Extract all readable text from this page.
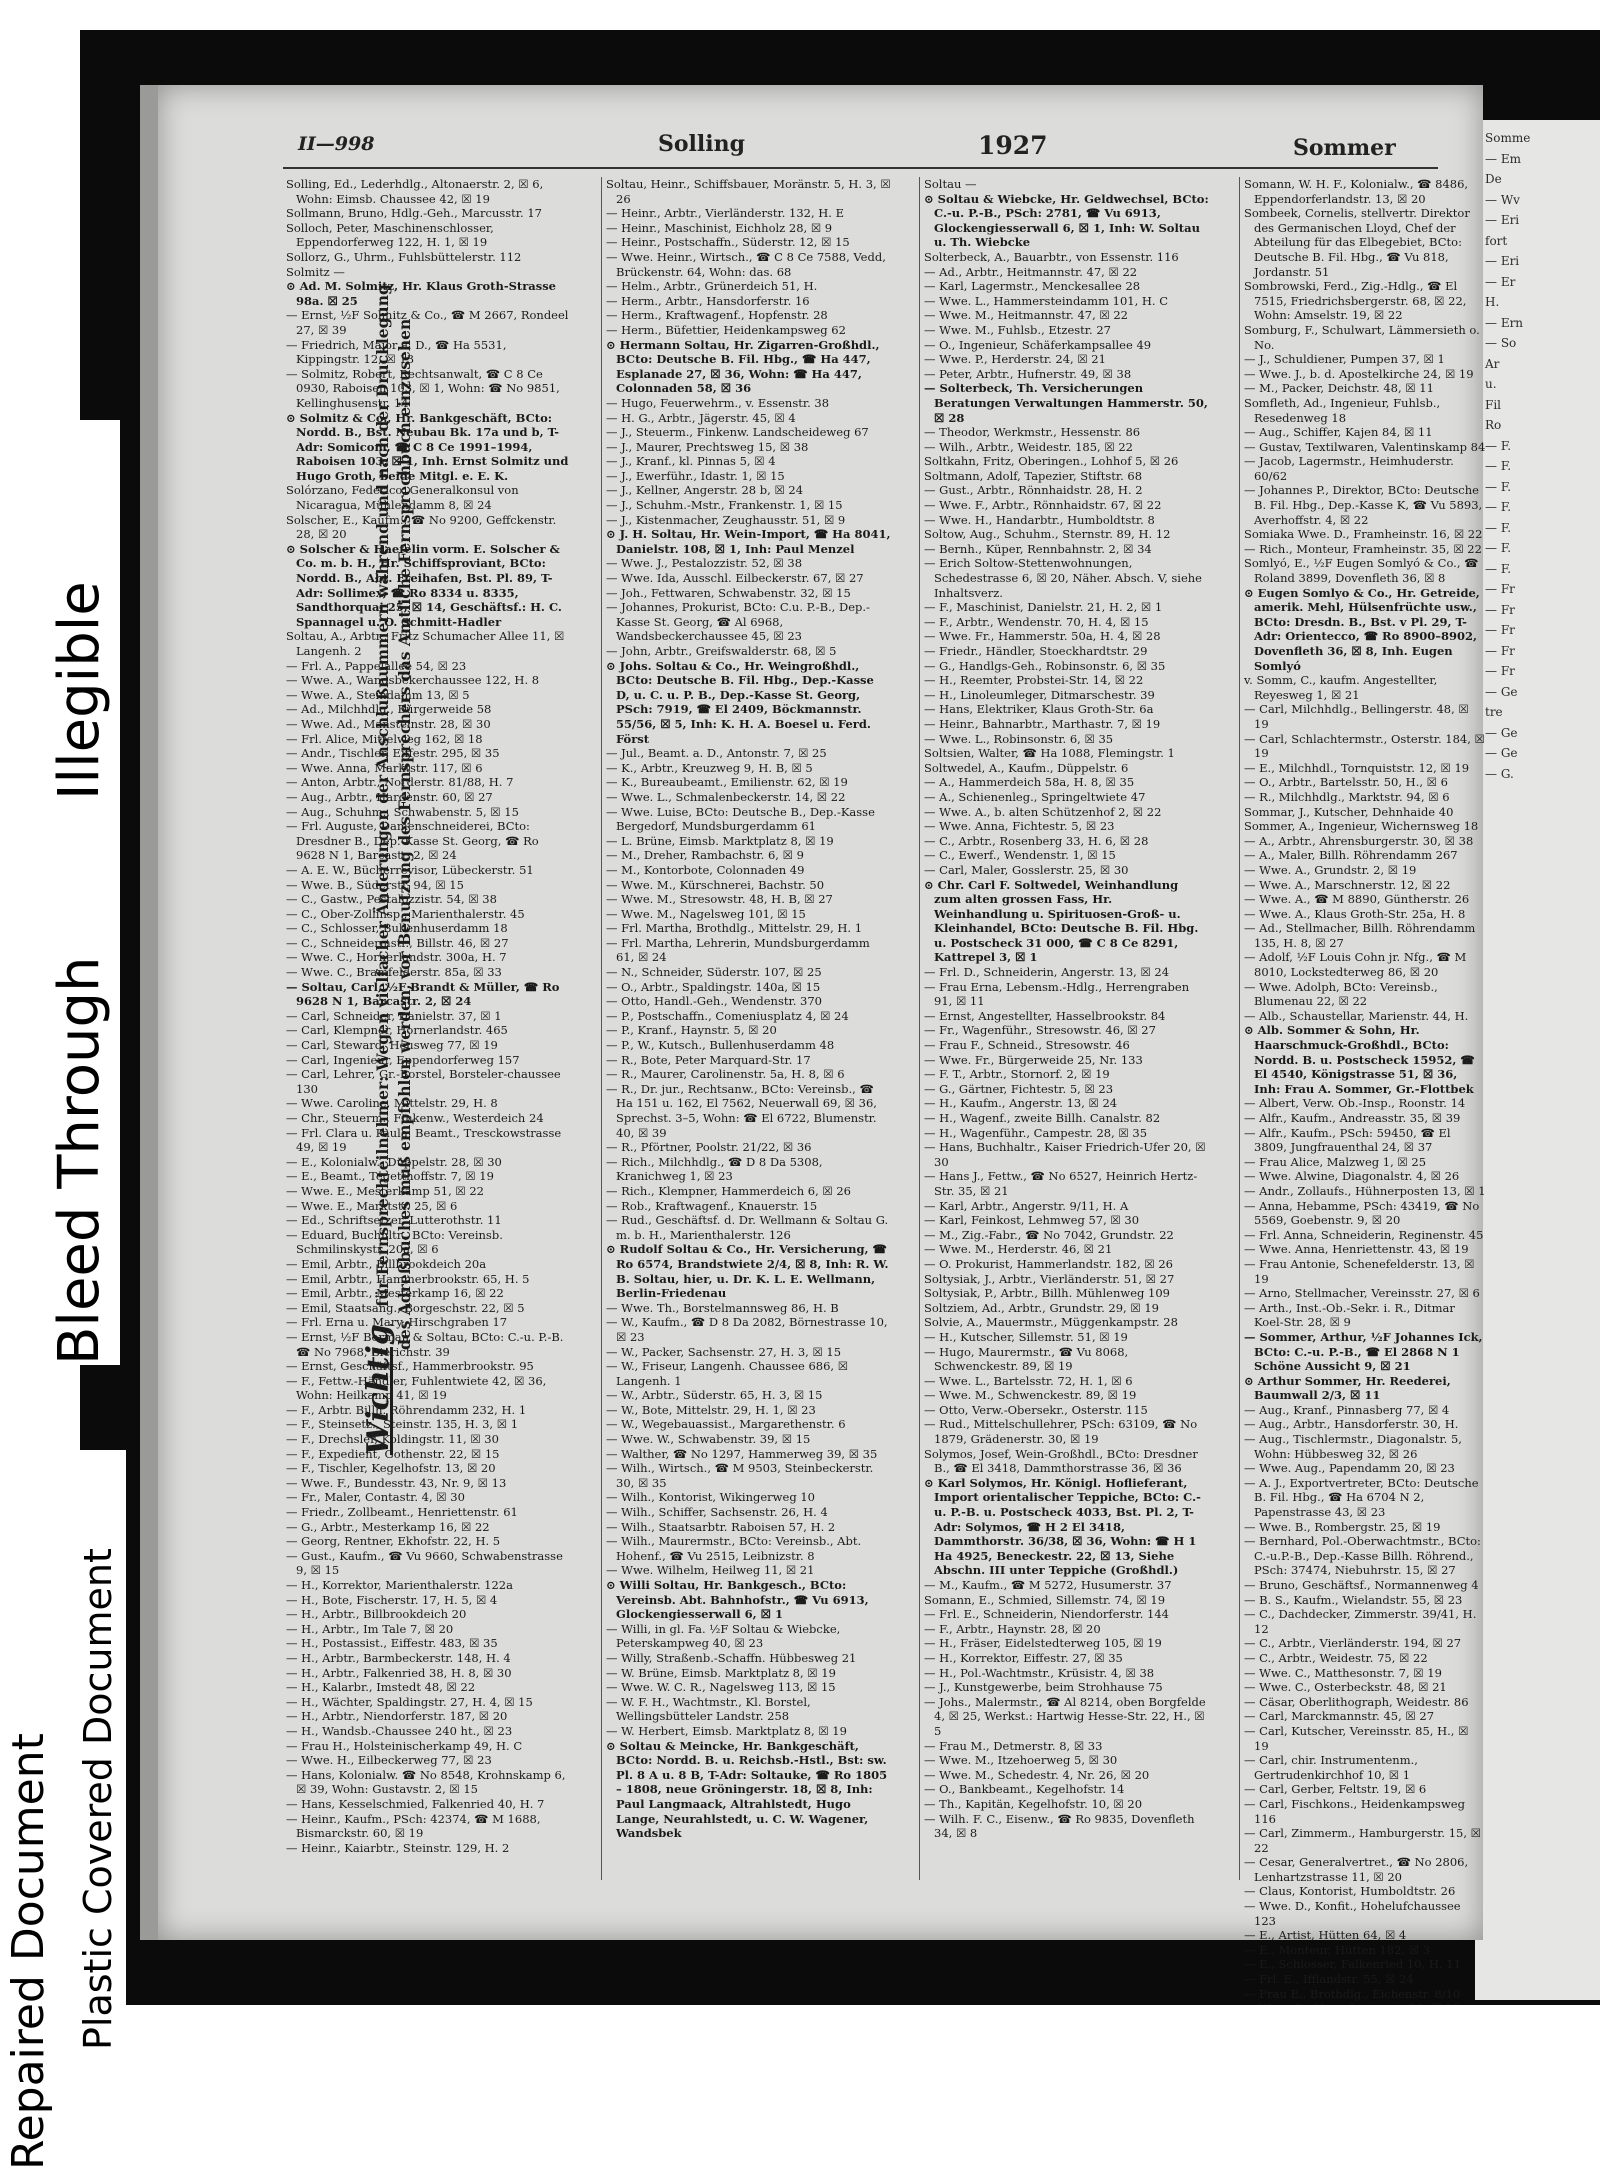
Somme
— Em
De
— Wv
— Eri
fort
— Eri
— Er
H.
— Ern
— So
Ar
u.
Fil
Ro
— F.
— F.
— F.
— F.
— F.
— F.
— F.
— Fr
— Fr
— Fr
— Fr
— Fr
— Ge
tre
— Ge
— Ge
— G.
II—998	Solling	1927	Sommer

Solling, Ed., Lederhdlg., Altonaerstr. 2, ☒ 6, Wohn: Eimsb. Chaussee 42, ☒ 19

Sollmann, Bruno, Hdlg.-Geh., Marcusstr. 17

Solloch, Peter, Maschinenschlosser, Eppendorferweg 122, H. 1, ☒ 19

Sollorz, G., Uhrm., Fuhlsbüttelerstr. 112

Solmitz —

⊙ Ad. M. Solmitz, Hr. Klaus Groth-Strasse 98a. ☒ 25

— Ernst, ½F Solmitz & Co., ☎ M 2667, Rondeel 27, ☒ 39

— Friedrich, Major a. D., ☎ Ha 5531, Kippingstr. 12, ☒ 13

— Solmitz, Robert, Rechtsanwalt, ☎ C 8 Ce 0930, Raboisen 103, ☒ 1, Wohn: ☎ No 9851, Kellinghusenstr. 14

⊙ Solmitz & Co., Hr. Bankgeschäft, BCto: Nordd. B., Bst. Neubau Bk. 17a und b, T-Adr: Somicom, ☎ C 8 Ce 1991–1994, Raboisen 103, ☒ 1, Inh. Ernst Solmitz und Hugo Groth, beide Mitgl. e. E. K.

Solórzano, Federico, Generalkonsul von Nicaragua, Mühlendamm 8, ☒ 24

Solscher, E., Kaufm., ☎ No 9200, Geffckenstr. 28, ☒ 20

⊙ Solscher & Haefelin vorm. E. Solscher & Co. m. b. H., Hr. Schiffsproviant, BCto: Nordd. B., Abt. Freihafen, Bst. Pl. 89, T-Adr: Sollimex, ☎ Ro 8334 u. 8335, Sandthorquai 25, ☒ 14, Geschäftsf.: H. C. Spannagel u. O. Schmitt-Hadler

Soltau, A., Arbtr., Fritz Schumacher Allee 11, ☒ Langenh. 2

— Frl. A., Pappelallee 54, ☒ 23

— Wwe. A., Wandsbekerchaussee 122, H. 8

— Wwe. A., Steindamm 13, ☒ 5

— Ad., Milchhdlg., Bürgerweide 58

— Wwe. Ad., Mansteinstr. 28, ☒ 30

— Frl. Alice, Mittelweg 162, ☒ 18

— Andr., Tischler, Eiffestr. 295, ☒ 35

— Wwe. Anna, Marktstr. 117, ☒ 6

— Anton, Arbtr., Norderstr. 81/88, H. 7

— Aug., Arbtr., Hardenstr. 60, ☒ 27

— Aug., Schuhm., Schwabenstr. 5, ☒ 15

— Frl. Auguste, Damenschneiderei, BCto: Dresdner B., Dep.-Kasse St. Georg, ☎ Ro 9628 N 1, Barcastr. 2, ☒ 24

— A. E. W., Bücherrevisor, Lübeckerstr. 51

— Wwe. B., Süderstr. 94, ☒ 15

— C., Gastw., Pestalozzistr. 54, ☒ 38

— C., Ober-Zollinsp., Marienthalerstr. 45

— C., Schlosser, Bullenhuserdamm 18

— C., Schneidermstr., Billstr. 46, ☒ 27

— Wwe. C., Hornerlandstr. 300a, H. 7

— Wwe. C., Bramfelderstr. 85a, ☒ 33

— Soltau, Carl, ½F Brandt & Müller, ☎ Ro 9628 N 1, Barcastr. 2, ☒ 24

— Carl, Schneider, Danielstr. 37, ☒ 1

— Carl, Klempner, Hornerlandstr. 465

— Carl, Steward, Heusweg 77, ☒ 19

— Carl, Ingenieur, Eppendorferweg 157

— Carl, Lehrer, Gr.-Borstel, Borsteler-chaussee 130

— Wwe. Caroline, Mittelstr. 29, H. 8

— Chr., Steuerm., Finkenw., Westerdeich 24

— Frl. Clara u. Paula, Beamt., Tresckowstrasse 49, ☒ 19

— E., Kolonialw., Düppelstr. 28, ☒ 30

— E., Beamt., Tegetthoffstr. 7, ☒ 19

— Wwe. E., Mesterkamp 51, ☒ 22

— Wwe. E., Marktstr. 25, ☒ 6

— Ed., Schriftsetzer, Lutterothstr. 11

— Eduard, Buchhltr., BCto: Vereinsb. Schmilinskystr. 20a, ☒ 6

— Emil, Arbtr., Billbrookdeich 20a

— Emil, Arbtr., Hammerbrookstr. 65, H. 5

— Emil, Arbtr., Mesterkamp 16, ☒ 22

— Emil, Staatsang., Borgeschstr. 22, ☒ 5

— Frl. Erna u. Mary, Hirschgraben 17

— Ernst, ½F Berman & Soltau, BCto: C.-u. P.-B. ☎ No 7968, Bierichstr. 39

— Ernst, Geschäftsf., Hammerbrookstr. 95

— F., Fettw.-Händler, Fuhlentwiete 42, ☒ 36, Wohn: Heilkamp 41, ☒ 19

— F., Arbtr. Billh. Röhrendamm 232, H. 1

— F., Steinsetz., Steinstr. 135, H. 3, ☒ 1

— F., Drechsler, Koldingstr. 11, ☒ 30

— F., Expedient, Gothenstr. 22, ☒ 15

— F., Tischler, Kegelhofstr. 13, ☒ 20

— Wwe. F., Bundesstr. 43, Nr. 9, ☒ 13

— Fr., Maler, Contastr. 4, ☒ 30

— Friedr., Zollbeamt., Henriettenstr. 61

— G., Arbtr., Mesterkamp 16, ☒ 22

— Georg, Rentner, Ekhofstr. 22, H. 5

— Gust., Kaufm., ☎ Vu 9660, Schwabenstrasse 9, ☒ 15

— H., Korrektor, Marienthalerstr. 122a

— H., Bote, Fischerstr. 17, H. 5, ☒ 4

— H., Arbtr., Billbrookdeich 20

— H., Arbtr., Im Tale 7, ☒ 20

— H., Postassist., Eiffestr. 483, ☒ 35

— H., Arbtr., Barmbeckerstr. 148, H. 4

— H., Arbtr., Falkenried 38, H. 8, ☒ 30

— H., Kalarbr., Imstedt 48, ☒ 22

— H., Wächter, Spaldingstr. 27, H. 4, ☒ 15

— H., Arbtr., Niendorferstr. 187, ☒ 20

— H., Wandsb.-Chaussee 240 ht., ☒ 23

— Frau H., Holsteinischerkamp 49, H. C

— Wwe. H., Eilbeckerweg 77, ☒ 23

— Hans, Kolonialw. ☎ No 8548, Krohnskamp 6, ☒ 39, Wohn: Gustavstr. 2, ☒ 15

— Hans, Kesselschmied, Falkenried 40, H. 7

— Heinr., Kaufm., PSch: 42374, ☎ M 1688, Bismarckstr. 60, ☒ 19

— Heinr., Kaiarbtr., Steinstr. 129, H. 2

Soltau, Heinr., Schiffsbauer, Moränstr. 5, H. 3, ☒ 26

— Heinr., Arbtr., Vierländerstr. 132, H. E

— Heinr., Maschinist, Eichholz 28, ☒ 9

— Heinr., Postschaffn., Süderstr. 12, ☒ 15

— Wwe. Heinr., Wirtsch., ☎ C 8 Ce 7588, Vedd, Brückenstr. 64, Wohn: das. 68

— Helm., Arbtr., Grünerdeich 51, H.

— Herm., Arbtr., Hansdorferstr. 16

— Herm., Kraftwagenf., Hopfenstr. 28

— Herm., Büfettier, Heidenkampsweg 62

⊙ Hermann Soltau, Hr. Zigarren-Großhdl., BCto: Deutsche B. Fil. Hbg., ☎ Ha 447, Esplanade 27, ☒ 36, Wohn: ☎ Ha 447, Colonnaden 58, ☒ 36

— Hugo, Feuerwehrm., v. Essenstr. 38

— H. G., Arbtr., Jägerstr. 45, ☒ 4

— J., Steuerm., Finkenw. Landscheideweg 67

— J., Maurer, Prechtsweg 15, ☒ 38

— J., Kranf., kl. Pinnas 5, ☒ 4

— J., Ewerführ., Idastr. 1, ☒ 15

— J., Kellner, Angerstr. 28 b, ☒ 24

— J., Schuhm.-Mstr., Frankenstr. 1, ☒ 15

— J., Kistenmacher, Zeughausstr. 51, ☒ 9

⊙ J. H. Soltau, Hr. Wein-Import, ☎ Ha 8041, Danielstr. 108, ☒ 1, Inh: Paul Menzel

— Wwe. J., Pestalozzistr. 52, ☒ 38

— Wwe. Ida, Ausschl. Eilbeckerstr. 67, ☒ 27

— Joh., Fettwaren, Schwabenstr. 32, ☒ 15

— Johannes, Prokurist, BCto: C.u. P.-B., Dep.-Kasse St. Georg, ☎ Al 6968, Wandsbeckerchaussee 45, ☒ 23

— John, Arbtr., Greifswalderstr. 68, ☒ 5

⊙ Johs. Soltau & Co., Hr. Weingroßhdl., BCto: Deutsche B. Fil. Hbg., Dep.-Kasse D, u. C. u. P. B., Dep.-Kasse St. Georg, PSch: 7919, ☎ El 2409, Böckmannstr. 55/56, ☒ 5, Inh: K. H. A. Boesel u. Ferd. Först

— Jul., Beamt. a. D., Antonstr. 7, ☒ 25

— K., Arbtr., Kreuzweg 9, H. B, ☒ 5

— K., Bureaubeamt., Emilienstr. 62, ☒ 19

— Wwe. L., Schmalenbeckerstr. 14, ☒ 22

— Wwe. Luise, BCto: Deutsche B., Dep.-Kasse Bergedorf, Mundsburgerdamm 61

— L. Brüne, Eimsb. Marktplatz 8, ☒ 19

— M., Dreher, Rambachstr. 6, ☒ 9

— M., Kontorbote, Colonnaden 49

— Wwe. M., Kürschnerei, Bachstr. 50

— Wwe. M., Stresowstr. 48, H. B, ☒ 27

— Wwe. M., Nagelsweg 101, ☒ 15

— Frl. Martha, Brothdlg., Mittelstr. 29, H. 1

— Frl. Martha, Lehrerin, Mundsburgerdamm 61, ☒ 24

— N., Schneider, Süderstr. 107, ☒ 25

— O., Arbtr., Spaldingstr. 140a, ☒ 15

— Otto, Handl.-Geh., Wendenstr. 370

— P., Postschaffn., Comeniusplatz 4, ☒ 24

— P., Kranf., Haynstr. 5, ☒ 20

— P., W., Kutsch., Bullenhuserdamm 48

— R., Bote, Peter Marquard-Str. 17

— R., Maurer, Carolinenstr. 5a, H. 8, ☒ 6

— R., Dr. jur., Rechtsanw., BCto: Vereinsb., ☎ Ha 151 u. 162, El 7562, Neuerwall 69, ☒ 36, Sprechst. 3–5, Wohn: ☎ El 6722, Blumenstr. 40, ☒ 39

— R., Pförtner, Poolstr. 21/22, ☒ 36

— Rich., Milchhdlg., ☎ D 8 Da 5308, Kranichweg 1, ☒ 23

— Rich., Klempner, Hammerdeich 6, ☒ 26

— Rob., Kraftwagenf., Knauerstr. 15

— Rud., Geschäftsf. d. Dr. Wellmann & Soltau G. m. b. H., Marienthalerstr. 126

⊙ Rudolf Soltau & Co., Hr. Versicherung, ☎ Ro 6574, Brandstwiete 2/4, ☒ 8, Inh: R. W. B. Soltau, hier, u. Dr. K. L. E. Wellmann, Berlin-Friedenau

— Wwe. Th., Borstelmannsweg 86, H. B

— W., Kaufm., ☎ D 8 Da 2082, Börnestrasse 10, ☒ 23

— W., Packer, Sachsenstr. 27, H. 3, ☒ 15

— W., Friseur, Langenh. Chaussee 686, ☒ Langenh. 1

— W., Arbtr., Süderstr. 65, H. 3, ☒ 15

— W., Bote, Mittelstr. 29, H. 1, ☒ 23

— W., Wegebauassist., Margarethenstr. 6

— Wwe. W., Schwabenstr. 39, ☒ 15

— Walther, ☎ No 1297, Hammerweg 39, ☒ 35

— Wilh., Wirtsch., ☎ M 9503, Steinbeckerstr. 30, ☒ 35

— Wilh., Kontorist, Wikingerweg 10

— Wilh., Schiffer, Sachsenstr. 26, H. 4

— Wilh., Staatsarbtr. Raboisen 57, H. 2

— Wilh., Maurermstr., BCto: Vereinsb., Abt. Hohenf., ☎ Vu 2515, Leibnizstr. 8

— Wwe. Wilhelm, Heilweg 11, ☒ 21

⊙ Willi Soltau, Hr. Bankgesch., BCto: Vereinsb. Abt. Bahnhofstr., ☎ Vu 6913, Glockengiesserwall 6, ☒ 1

— Willi, in gl. Fa. ½F Soltau & Wiebcke, Peterskampweg 40, ☒ 23

— Willy, Straßenb.-Schaffn. Hübbesweg 21

— W. Brüne, Eimsb. Marktplatz 8, ☒ 19

— Wwe. W. C. R., Nagelsweg 113, ☒ 15

— W. F. H., Wachtmstr., Kl. Borstel, Wellingsbütteler Landstr. 258

— W. Herbert, Eimsb. Marktplatz 8, ☒ 19

⊙ Soltau & Meincke, Hr. Bankgeschäft, BCto: Nordd. B. u. Reichsb.-Hstl., Bst: sw. Pl. 8 A u. 8 B, T-Adr: Soltauke, ☎ Ro 1805 – 1808, neue Gröningerstr. 18, ☒ 8, Inh: Paul Langmaack, Altrahlstedt, Hugo Lange, Neurahlstedt, u. C. W. Wagener, Wandsbek

Soltau —

⊙ Soltau & Wiebcke, Hr. Geldwechsel, BCto: C.-u. P.-B., PSch: 2781, ☎ Vu 6913, Glockengiesserwall 6, ☒ 1, Inh: W. Soltau u. Th. Wiebcke

Solterbeck, A., Bauarbtr., von Essenstr. 116

— Ad., Arbtr., Heitmannstr. 47, ☒ 22

— Karl, Lagermstr., Menckesallee 28

— Wwe. L., Hammersteindamm 101, H. C

— Wwe. M., Heitmannstr. 47, ☒ 22

— Wwe. M., Fuhlsb., Etzestr. 27

— O., Ingenieur, Schäferkampsallee 49

— Wwe. P., Herderstr. 24, ☒ 21

— Peter, Arbtr., Hufnerstr. 49, ☒ 38

— Solterbeck, Th. Versicherungen Beratungen Verwaltungen Hammerstr. 50, ☒ 28

— Theodor, Werkmstr., Hessenstr. 86

— Wilh., Arbtr., Weidestr. 185, ☒ 22

Soltkahn, Fritz, Oberingen., Lohhof 5, ☒ 26

Soltmann, Adolf, Tapezier, Stiftstr. 68

— Gust., Arbtr., Rönnhaidstr. 28, H. 2

— Wwe. F., Arbtr., Rönnhaidstr. 67, ☒ 22

— Wwe. H., Handarbtr., Humboldtstr. 8

Soltow, Aug., Schuhm., Sternstr. 89, H. 12

— Bernh., Küper, Rennbahnstr. 2, ☒ 34

— Erich Soltow-Stettenwohnungen, Schedestrasse 6, ☒ 20, Näher. Absch. V, siehe Inhaltsverz.

— F., Maschinist, Danielstr. 21, H. 2, ☒ 1

— F., Arbtr., Wendenstr. 70, H. 4, ☒ 15

— Wwe. Fr., Hammerstr. 50a, H. 4, ☒ 28

— Friedr., Händler, Stoeckhardtstr. 29

— G., Handlgs-Geh., Robinsonstr. 6, ☒ 35

— H., Reemter, Probstei-Str. 14, ☒ 22

— H., Linoleumleger, Ditmarschestr. 39

— Hans, Elektriker, Klaus Groth-Str. 6a

— Heinr., Bahnarbtr., Marthastr. 7, ☒ 19

— Wwe. L., Robinsonstr. 6, ☒ 35

Soltsien, Walter, ☎ Ha 1088, Flemingstr. 1

Soltwedel, A., Kaufm., Düppelstr. 6

— A., Hammerdeich 58a, H. 8, ☒ 35

— A., Schienenleg., Springeltwiete 47

— Wwe. A., b. alten Schützenhof 2, ☒ 22

— Wwe. Anna, Fichtestr. 5, ☒ 23

— C., Arbtr., Rosenberg 33, H. 6, ☒ 28

— C., Ewerf., Wendenstr. 1, ☒ 15

— Carl, Maler, Gosslerstr. 25, ☒ 30

⊙ Chr. Carl F. Soltwedel, Weinhandlung zum alten grossen Fass, Hr. Weinhandlung u. Spirituosen-Groß- u. Kleinhandel, BCto: Deutsche B. Fil. Hbg. u. Postscheck 31 000, ☎ C 8 Ce 8291, Kattrepel 3, ☒ 1

— Frl. D., Schneiderin, Angerstr. 13, ☒ 24

— Frau Erna, Lebensm.-Hdlg., Herrengraben 91, ☒ 11

— Ernst, Angestellter, Hasselbrookstr. 84

— Fr., Wagenführ., Stresowstr. 46, ☒ 27

— Frau F., Schneid., Stresowstr. 46

— Wwe. Fr., Bürgerweide 25, Nr. 133

— F. T., Arbtr., Stornorf. 2, ☒ 19

— G., Gärtner, Fichtestr. 5, ☒ 23

— H., Kaufm., Angerstr. 13, ☒ 24

— H., Wagenf., zweite Billh. Canalstr. 82

— H., Wagenführ., Campestr. 28, ☒ 35

— Hans, Buchhaltr., Kaiser Friedrich-Ufer 20, ☒ 30

— Hans J., Fettw., ☎ No 6527, Heinrich Hertz-Str. 35, ☒ 21

— Karl, Arbtr., Angerstr. 9/11, H. A

— Karl, Feinkost, Lehmweg 57, ☒ 30

— M., Zig.-Fabr., ☎ No 7042, Grundstr. 22

— Wwe. M., Herderstr. 46, ☒ 21

— O. Prokurist, Hammerlandstr. 182, ☒ 26

Soltysiak, J., Arbtr., Vierländerstr. 51, ☒ 27

Soltysiak, P., Arbtr., Billh. Mühlenweg 109

Soltziem, Ad., Arbtr., Grundstr. 29, ☒ 19

Solvie, A., Mauermstr., Müggenkampstr. 28

— H., Kutscher, Sillemstr. 51, ☒ 19

— Hugo, Maurermstr., ☎ Vu 8068, Schwenckestr. 89, ☒ 19

— Wwe. L., Bartelsstr. 72, H. 1, ☒ 6

— Wwe. M., Schwenckestr. 89, ☒ 19

— Otto, Verw.-Obersekr., Osterstr. 115

— Rud., Mittelschullehrer, PSch: 63109, ☎ No 1879, Grädenerstr. 30, ☒ 19

Solymos, Josef, Wein-Großhdl., BCto: Dresdner B., ☎ El 3418, Dammthorstrasse 36, ☒ 36

⊙ Karl Solymos, Hr. Königl. Hoflieferant, Import orientalischer Teppiche, BCto: C.-u. P.-B. u. Postscheck 4033, Bst. Pl. 2, T-Adr: Solymos, ☎ H 2 El 3418, Dammthorstr. 36/38, ☒ 36, Wohn: ☎ H 1 Ha 4925, Beneckestr. 22, ☒ 13, Siehe Abschn. III unter Teppiche (Großhdl.)

— M., Kaufm., ☎ M 5272, Husumerstr. 37

Somann, E., Schmied, Sillemstr. 74, ☒ 19

— Frl. E., Schneiderin, Niendorferstr. 144

— F., Arbtr., Haynstr. 28, ☒ 20

— H., Fräser, Eidelstedterweg 105, ☒ 19

— H., Korrektor, Eiffestr. 27, ☒ 35

— H., Pol.-Wachtmstr., Krüsistr. 4, ☒ 38

— J., Kunstgewerbe, beim Strohhause 75

— Johs., Malermstr., ☎ Al 8214, oben Borgfelde 4, ☒ 25, Werkst.: Hartwig Hesse-Str. 22, H., ☒ 5

— Frau M., Detmerstr. 8, ☒ 33

— Wwe. M., Itzehoerweg 5, ☒ 30

— Wwe. M., Schedestr. 4, Nr. 26, ☒ 20

— O., Bankbeamt., Kegelhofstr. 14

— Th., Kapitän, Kegelhofstr. 10, ☒ 20

— Wilh. F. C., Eisenw., ☎ Ro 9835, Dovenfleth 34, ☒ 8

Somann, W. H. F., Kolonialw., ☎ 8486, Eppendorferlandstr. 13, ☒ 20

Sombeek, Cornelis, stellvertr. Direktor des Germanischen Lloyd, Chef der Abteilung für das Elbegebiet, BCto: Deutsche B. Fil. Hbg., ☎ Vu 818, Jordanstr. 51

Sombrowski, Ferd., Zig.-Hdlg., ☎ El 7515, Friedrichsbergerstr. 68, ☒ 22, Wohn: Amselstr. 19, ☒ 22

Somburg, F., Schulwart, Lämmersieth o. No.

— J., Schuldiener, Pumpen 37, ☒ 1

— Wwe. J., b. d. Apostelkirche 24, ☒ 19

— M., Packer, Deichstr. 48, ☒ 11

Somfleth, Ad., Ingenieur, Fuhlsb., Resedenweg 18

— Aug., Schiffer, Kajen 84, ☒ 11

— Gustav, Textilwaren, Valentinskamp 84

— Jacob, Lagermstr., Heimhuderstr. 60/62

— Johannes P., Direktor, BCto: Deutsche B. Fil. Hbg., Dep.-Kasse K, ☎ Vu 5893, Averhoffstr. 4, ☒ 22

Somiaka Wwe. D., Framheinstr. 16, ☒ 22

— Rich., Monteur, Framheinstr. 35, ☒ 22

Somlyó, E., ½F Eugen Somlyó & Co., ☎ Roland 3899, Dovenfleth 36, ☒ 8

⊙ Eugen Somlyo & Co., Hr. Getreide, amerik. Mehl, Hülsenfrüchte usw., BCto: Dresdn. B., Bst. v Pl. 29, T-Adr: Orientecco, ☎ Ro 8900–8902, Dovenfleth 36, ☒ 8, Inh. Eugen Somlyó

v. Somm, C., kaufm. Angestellter, Reyesweg 1, ☒ 21

— Carl, Milchhdlg., Bellingerstr. 48, ☒ 19

— Carl, Schlachtermstr., Osterstr. 184, ☒ 19

— E., Milchhdl., Tornquiststr. 12, ☒ 19

— O., Arbtr., Bartelsstr. 50, H., ☒ 6

— R., Milchhdlg., Marktstr. 94, ☒ 6

Sommar, J., Kutscher, Dehnhaide 40

Sommer, A., Ingenieur, Wichernsweg 18

— A., Arbtr., Ahrensburgerstr. 30, ☒ 38

— A., Maler, Billh. Röhrendamm 267

— Wwe. A., Grundstr. 2, ☒ 19

— Wwe. A., Marschnerstr. 12, ☒ 22

— Wwe. A., ☎ M 8890, Güntherstr. 26

— Wwe. A., Klaus Groth-Str. 25a, H. 8

— Ad., Stellmacher, Billh. Röhrendamm 135, H. 8, ☒ 27

— Adolf, ½F Louis Cohn jr. Nfg., ☎ M 8010, Lockstedterweg 86, ☒ 20

— Wwe. Adolph, BCto: Vereinsb., Blumenau 22, ☒ 22

— Alb., Schaustellar, Marienstr. 44, H.

⊙ Alb. Sommer & Sohn, Hr. Haarschmuck-Großhdl., BCto: Nordd. B. u. Postscheck 15952, ☎ El 4540, Königstrasse 51, ☒ 36, Inh: Frau A. Sommer, Gr.-Flottbek

— Albert, Verw. Ob.-Insp., Roonstr. 14

— Alfr., Kaufm., Andreasstr. 35, ☒ 39

— Alfr., Kaufm., PSch: 59450, ☎ El 3809, Jungfrauenthal 24, ☒ 37

— Frau Alice, Malzweg 1, ☒ 25

— Wwe. Alwine, Diagonalstr. 4, ☒ 26

— Andr., Zollaufs., Hühnerposten 13, ☒ 1

— Anna, Hebamme, PSch: 43419, ☎ No 5569, Goebenstr. 9, ☒ 20

— Frl. Anna, Schneiderin, Reginenstr. 45

— Wwe. Anna, Henriettenstr. 43, ☒ 19

— Frau Antonie, Schenefelderstr. 13, ☒ 19

— Arno, Stellmacher, Vereinsstr. 27, ☒ 6

— Arth., Inst.-Ob.-Sekr. i. R., Ditmar Koel-Str. 28, ☒ 9

— Sommer, Arthur, ½F Johannes Ick, BCto: C.-u. P.-B., ☎ El 2868 N 1 Schöne Aussicht 9, ☒ 21

⊙ Arthur Sommer, Hr. Reederei, Baumwall 2/3, ☒ 11

— Aug., Kranf., Pinnasberg 77, ☒ 4

— Aug., Arbtr., Hansdorferstr. 30, H.

— Aug., Tischlermstr., Diagonalstr. 5, Wohn: Hübbesweg 32, ☒ 26

— Wwe. Aug., Papendamm 20, ☒ 23

— A. J., Exportvertreter, BCto: Deutsche B. Fil. Hbg., ☎ Ha 6704 N 2, Papenstrasse 43, ☒ 23

— Wwe. B., Rombergstr. 25, ☒ 19

— Bernhard, Pol.-Oberwachtmstr., BCto: C.-u.P.-B., Dep.-Kasse Billh. Röhrend., PSch: 37474, Niebuhrstr. 15, ☒ 27

— Bruno, Geschäftsf., Normannenweg 4

— B. S., Kaufm., Wielandstr. 55, ☒ 23

— C., Dachdecker, Zimmerstr. 39/41, H. 12

— C., Arbtr., Vierländerstr. 194, ☒ 27

— C., Arbtr., Weidestr. 75, ☒ 22

— Wwe. C., Matthesonstr. 7, ☒ 19

— Wwe. C., Osterbeckstr. 48, ☒ 21

— Cäsar, Oberlithograph, Weidestr. 86

— Carl, Marckmannstr. 45, ☒ 27

— Carl, Kutscher, Vereinsstr. 85, H., ☒ 19

— Carl, chir. Instrumentenm., Gertrudenkirchhof 10, ☒ 1

— Carl, Gerber, Feltstr. 19, ☒ 6

— Carl, Fischkons., Heidenkampsweg 116

— Carl, Zimmerm., Hamburgerstr. 15, ☒ 22

— Cesar, Generalvertret., ☎ No 2806, Lenhartzstrasse 11, ☒ 20

— Claus, Kontorist, Humboldtstr. 26

— Wwe. D., Konfit., Hohelufchaussee 123

— E., Artist, Hütten 64, ☒ 4

— E., Monteur, Hütten 182, ☒ 3

— E., Schlosser, Falkenried 10, H. 11

— Frl. E., Ifflandstr. 55, ☒ 24

— Frau E., Brothdlg., Eichenstr. 8/10

Wichtig für Fernsprechteilnehmer: Wegen vielfacher Änderungen der Anschlußnummern während und nach der Drucklegung des Adreßbuches muß empfohlen werden, vor Benutzung des Fernsprechers das Amtliche Fernsprechbuch einzusehen
Repaired Document Plastic Covered Document
Bleed Through
Illegible
